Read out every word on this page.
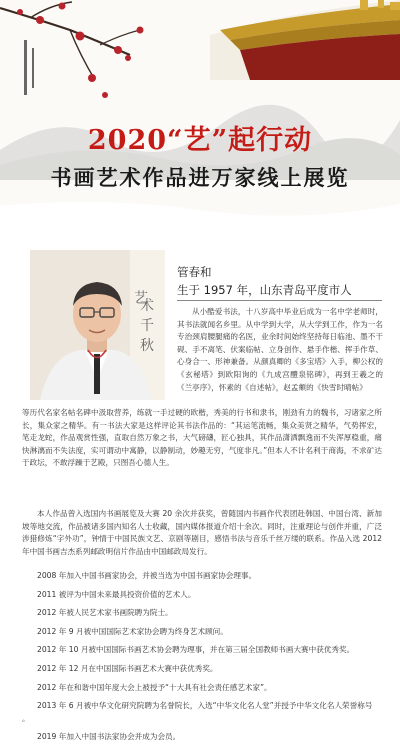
2020“艺”起行动
书画艺术作品进万家线上展览
艺
术
千
秋
管春和
生于 1957 年，山东青岛平度市人

从小酷爱书法，十八岁高中毕业后成为一名中学老师时，其书法就闻名乡里。从中学到大学，从大学到工作，作为一名专治颈肩腰腿痛的名医，业余时间始终坚持每日临池、墨不干砚、手不离笔、伏案临帖、立身创作、悬手作楷、挥手作草、心身合一、形神兼备。从颜真卿的《多宝塔》入手，柳公权的《玄秘塔》到欧阳询的《九成宫醴泉铭碑》，再到王羲之的《兰亭序》，怀素的《自述帖》，赵孟頫的《快雪时晴帖》

等历代名家名帖名碑中汲取营养，练就一手过硬的欧楷，秀美的行书和隶书，刚劲有力的魏书，习诸家之所长，集众家之精华。有一书法大家是这样评论其书法作品的：“其运笔流畅，集众美贤之精华，气势挥宏，笔走龙蛇，作品观赏性强，直取自然万象之书，大气磅礴，匠心独具，其作品潇洒飘逸而不失浑厚稳重，痛快淋漓而不失法度，实可谓动中寓静，以静制动，妙趣无穷，气度非凡。”但本人不计名利于商海，不求矿达于政坛，不敢浮躁于艺殿，只图吾心德人生。

本人作品曾入选国内书画展览及大赛 20 余次并获奖，曾随国内书画作代表团赴韩国、中国台湾、新加坡等地交流，作品被诸多国内知名人士收藏，国内媒体报道介绍十余次。同时，注重理论与创作并重，广泛涉猎修炼“字外功”，钟情于中国民族文艺、京剧等剧目，感悟书法与音乐千丝万缕的联系。作品入选 2012 年中国书画吉杰系列邮政明信片作品由中国邮政局发行。

2008 年加入中国书画家协会，并被当选为中国书画家协会理事。
2011 被评为中国未来最具投资价值的艺术人。
2012 年被人民艺术家书画院聘为院士。
2012 年 9 月被中国国际艺术家协会聘为终身艺术顾问。
2012 年 10 月被中国国际书画艺术协会聘为理事，并在第三届全国教师书画大赛中获优秀奖。
2012 年 12 月在中国国际书画艺术大赛中获优秀奖。
2012 年在和谐中国年度大会上被授予“十大具有社会责任感艺术家”。
2013 年 6 月被中华文化研究院聘为名誉院长，入选“中华文化名人堂”并授予中华文化名人荣誉称号 。
2019 年加入中国书法家协会并成为会员。
